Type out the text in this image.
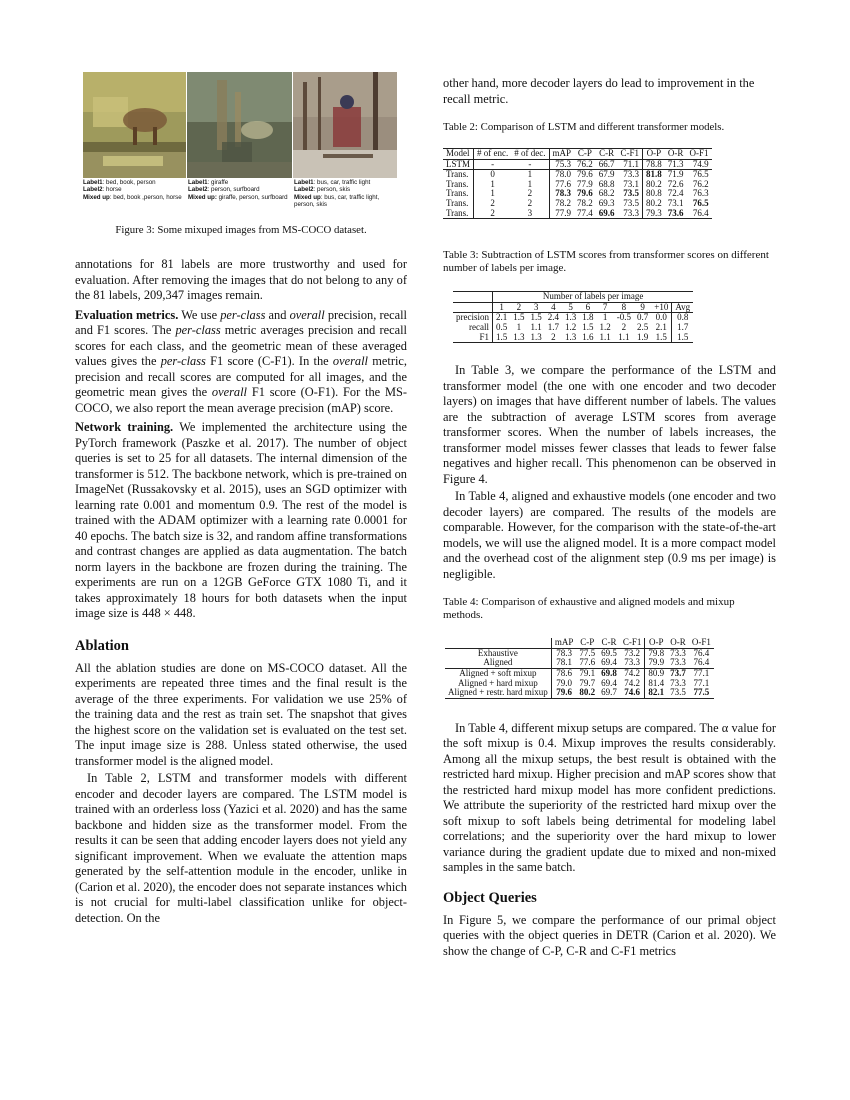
Label1: bed, book, person
Label2: horse
Mixed up: bed, book ,person, horse
Label1: giraffe
Label2: person, surfboard
Mixed up: giraffe, person, surfboard
Label1: bus, car, traffic light
Label2: person, skis
Mixed up: bus, car, traffic light, person, skis

Figure 3: Some mixuped images from MS-COCO dataset.

annotations for 81 labels are more trustworthy and used for evaluation. After removing the images that do not belong to any of the 81 labels, 209,347 images remain.

Evaluation metrics. We use per-class and overall precision, recall and F1 scores. The per-class metric averages precision and recall scores for each class, and the geometric mean of these averaged values gives the per-class F1 score (C-F1). In the overall metric, precision and recall scores are computed for all images, and the geometric mean gives the overall F1 score (O-F1). For the MS-COCO, we also report the mean average precision (mAP) score.

Network training. We implemented the architecture using the PyTorch framework (Paszke et al. 2017). The number of object queries is set to 25 for all datasets. The internal dimension of the transformer is 512. The backbone network, which is pre-trained on ImageNet (Russakovsky et al. 2015), uses an SGD optimizer with learning rate 0.001 and momentum 0.9. The rest of the model is trained with the ADAM optimizer with a learning rate 0.0001 for 40 epochs. The batch size is 32, and random affine transformations and contrast changes are applied as data augmentation. The batch norm layers in the backbone are frozen during the training. The experiments are run on a 12GB GeForce GTX 1080 Ti, and it takes approximately 18 hours for both datasets when the input image size is 448 × 448.

Ablation

All the ablation studies are done on MS-COCO dataset. All the experiments are repeated three times and the final result is the average of the three experiments. For validation we use 25% of the training data and the rest as train set. The snapshot that gives the highest score on the validation set is evaluated on the test set. The input image size is 288. Unless stated otherwise, the used transformer model is the aligned model.

In Table 2, LSTM and transformer models with different encoder and decoder layers are compared. The LSTM model is trained with an orderless loss (Yazici et al. 2020) and has the same backbone and hidden size as the transformer model. From the results it can be seen that adding encoder layers does not yield any significant improvement. When we evaluate the attention maps generated by the self-attention module in the encoder, unlike in (Carion et al. 2020), the encoder does not separate instances which is not crucial for multi-label classification unlike for object-detection. On the

other hand, more decoder layers do lead to improvement in the recall metric.

Table 2: Comparison of LSTM and different transformer models.

Model	# of enc.	# of dec.	mAP	C-P	C-R	C-F1	O-P	O-R	O-F1
LSTM	-	-	75.3	76.2	66.7	71.1	78.8	71.3	74.9
Trans.	0	1	78.0	79.6	67.9	73.3	81.8	71.9	76.5
Trans.	1	1	77.6	77.9	68.8	73.1	80.2	72.6	76.2
Trans.	1	2	78.3	79.6	68.2	73.5	80.8	72.4	76.3
Trans.	2	2	78.2	78.2	69.3	73.5	80.2	73.1	76.5
Trans.	2	3	77.9	77.4	69.6	73.3	79.3	73.6	76.4

Table 3: Subtraction of LSTM scores from transformer scores on different number of labels per image.

	Number of labels per image										
	1	2	3	4	5	6	7	8	9	+10	Avg
precision	2.1	1.5	1.5	2.4	1.3	1.8	1	-0.5	0.7	0.0	0.8
recall	0.5	1	1.1	1.7	1.2	1.5	1.2	2	2.5	2.1	1.7
F1	1.5	1.3	1.3	2	1.3	1.6	1.1	1.1	1.9	1.5	1.5

In Table 3, we compare the performance of the LSTM and transformer model (the one with one encoder and two decoder layers) on images that have different number of labels. The values are the subtraction of average LSTM scores from average transformer scores. When the number of labels increases, the transformer model misses fewer classes that leads to fewer false negatives and higher recall. This phenomenon can be observed in Figure 4.

In Table 4, aligned and exhaustive models (one encoder and two decoder layers) are compared. The results of the models are comparable. However, for the comparison with the state-of-the-art models, we will use the aligned model. It is a more compact model and the overhead cost of the alignment step (0.9 ms per image) is negligible.

Table 4: Comparison of exhaustive and aligned models and mixup methods.

	mAP	C-P	C-R	C-F1	O-P	O-R	O-F1
Exhaustive	78.3	77.5	69.5	73.2	79.8	73.3	76.4
Aligned	78.1	77.6	69.4	73.3	79.9	73.3	76.4
Aligned + soft mixup	78.6	79.1	69.8	74.2	80.9	73.7	77.1
Aligned + hard mixup	79.0	79.7	69.4	74.2	81.4	73.3	77.1
Aligned + restr. hard mixup	79.6	80.2	69.7	74.6	82.1	73.5	77.5

In Table 4, different mixup setups are compared. The α value for the soft mixup is 0.4. Mixup improves the results considerably. Among all the mixup setups, the best result is obtained with the restricted hard mixup. Higher precision and mAP scores show that the restricted hard mixup model has more confident predictions. We attribute the superiority of the restricted hard mixup over the soft mixup to soft labels being detrimental for modeling label correlations; and the superiority over the hard mixup to lower variance during the gradient update due to mixed and non-mixed samples in the same batch.

Object Queries

In Figure 5, we compare the performance of our primal object queries with the object queries in DETR (Carion et al. 2020). We show the change of C-P, C-R and C-F1 metrics
